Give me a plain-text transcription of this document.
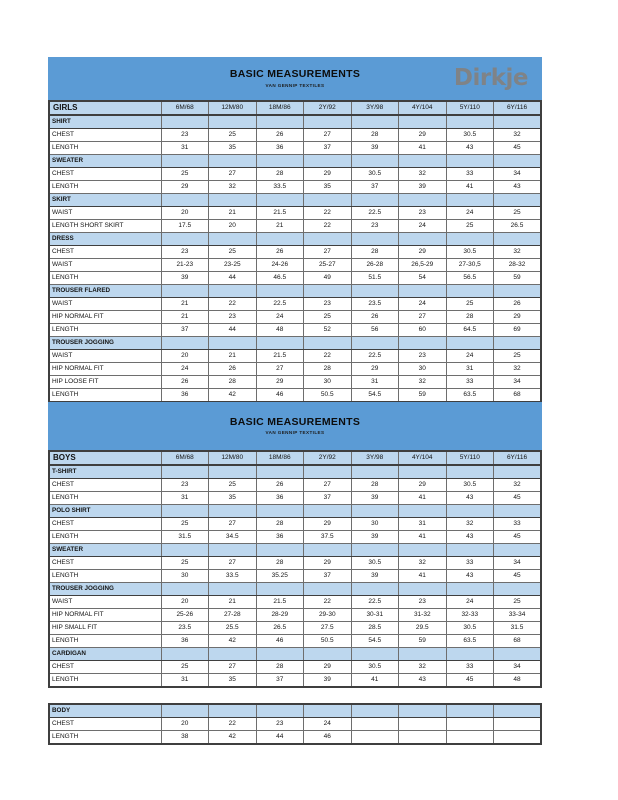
BASIC MEASUREMENTS
VAN GENNIP TEXTILES	Dirkje
GIRLS	6M/68	12M/80	18M/86	2Y/92	3Y/98	4Y/104	5Y/110	6Y/116
SHIRT								
CHEST	23	25	26	27	28	29	30.5	32
LENGTH	31	35	36	37	39	41	43	45
SWEATER								
CHEST	25	27	28	29	30.5	32	33	34
LENGTH	29	32	33.5	35	37	39	41	43
SKIRT								
WAIST	20	21	21.5	22	22.5	23	24	25
LENGTH SHORT SKIRT	17.5	20	21	22	23	24	25	26.5
DRESS								
CHEST	23	25	26	27	28	29	30.5	32
WAIST	21-23	23-25	24-26	25-27	26-28	26,5-29	27-30,5	28-32
LENGTH	39	44	46.5	49	51.5	54	56.5	59
TROUSER FLARED								
WAIST	21	22	22.5	23	23.5	24	25	26
HIP NORMAL FIT	21	23	24	25	26	27	28	29
LENGTH	37	44	48	52	56	60	64.5	69
TROUSER JOGGING								
WAIST	20	21	21.5	22	22.5	23	24	25
HIP NORMAL FIT	24	26	27	28	29	30	31	32
HIP LOOSE FIT	26	28	29	30	31	32	33	34
LENGTH	36	42	46	50.5	54.5	59	63.5	68
BASIC MEASUREMENTS
VAN GENNIP TEXTILES
BOYS	6M/68	12M/80	18M/86	2Y/92	3Y/98	4Y/104	5Y/110	6Y/116
T-SHIRT								
CHEST	23	25	26	27	28	29	30.5	32
LENGTH	31	35	36	37	39	41	43	45
POLO SHIRT								
CHEST	25	27	28	29	30	31	32	33
LENGTH	31.5	34.5	36	37.5	39	41	43	45
SWEATER								
CHEST	25	27	28	29	30.5	32	33	34
LENGTH	30	33.5	35.25	37	39	41	43	45
TROUSER JOGGING								
WAIST	20	21	21.5	22	22.5	23	24	25
HIP NORMAL FIT	25-26	27-28	28-29	29-30	30-31	31-32	32-33	33-34
HIP SMALL FIT	23.5	25.5	26.5	27.5	28.5	29.5	30.5	31.5
LENGTH	36	42	46	50.5	54.5	59	63.5	68
CARDIGAN								
CHEST	25	27	28	29	30.5	32	33	34
LENGTH	31	35	37	39	41	43	45	48
BODY								
CHEST	20	22	23	24				
LENGTH	38	42	44	46				
